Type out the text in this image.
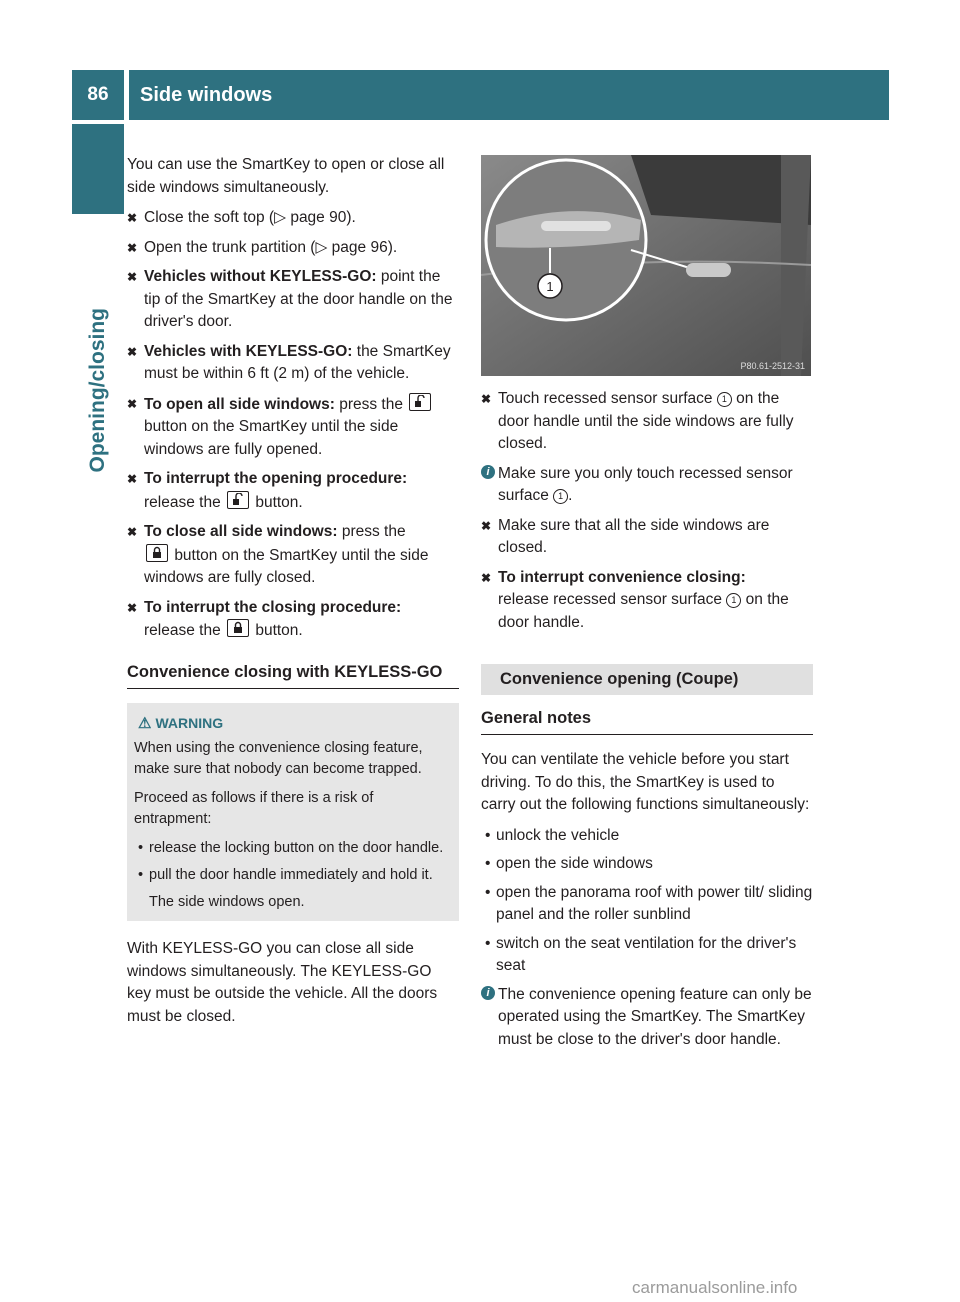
86	Side windows
Opening/closing

You can use the SmartKey to open or close all side windows simultaneously.

✖︎ Close the soft top (▷ page 90).
✖︎ Open the trunk partition (▷ page 96).
✖︎ Vehicles without KEYLESS-GO: point the tip of the SmartKey at the door handle on the driver's door.
✖︎ Vehicles with KEYLESS-GO: the SmartKey must be within 6 ft (2 m) of the vehicle.
✖︎ To open all side windows: press the
button on the SmartKey until the side windows are fully opened.
✖︎ To interrupt the opening procedure: release the button.
✖︎ To close all side windows: press the

button on the SmartKey until the side windows are fully closed.
✖︎ To interrupt the closing procedure:
release the button.
Convenience closing with KEYLESS-GO
⚠︎ WARNING

When using the convenience closing feature, make sure that nobody can become trapped.

Proceed as follows if there is a risk of entrapment:

• release the locking button on the door handle.
• pull the door handle immediately and hold it.
The side windows open.

With KEYLESS-GO you can close all side windows simultaneously. The KEYLESS-GO key must be outside the vehicle. All the doors must be closed.

1
P80.61-2512-31
✖︎ Touch recessed sensor surface 1 on the door handle until the side windows are fully closed.
i Make sure you only touch recessed sensor surface 1 .
✖︎ Make sure that all the side windows are closed.
✖︎ To interrupt convenience closing:
release recessed sensor surface 1 on the door handle.
Convenience opening (Coupe)
General notes

You can ventilate the vehicle before you start driving. To do this, the SmartKey is used to carry out the following functions simultaneously:

• unlock the vehicle
• open the side windows
• open the panorama roof with power tilt/ sliding panel and the roller sunblind
• switch on the seat ventilation for the driver's seat
i The convenience opening feature can only be operated using the SmartKey. The SmartKey must be close to the driver's door handle.
carmanualsonline.info
